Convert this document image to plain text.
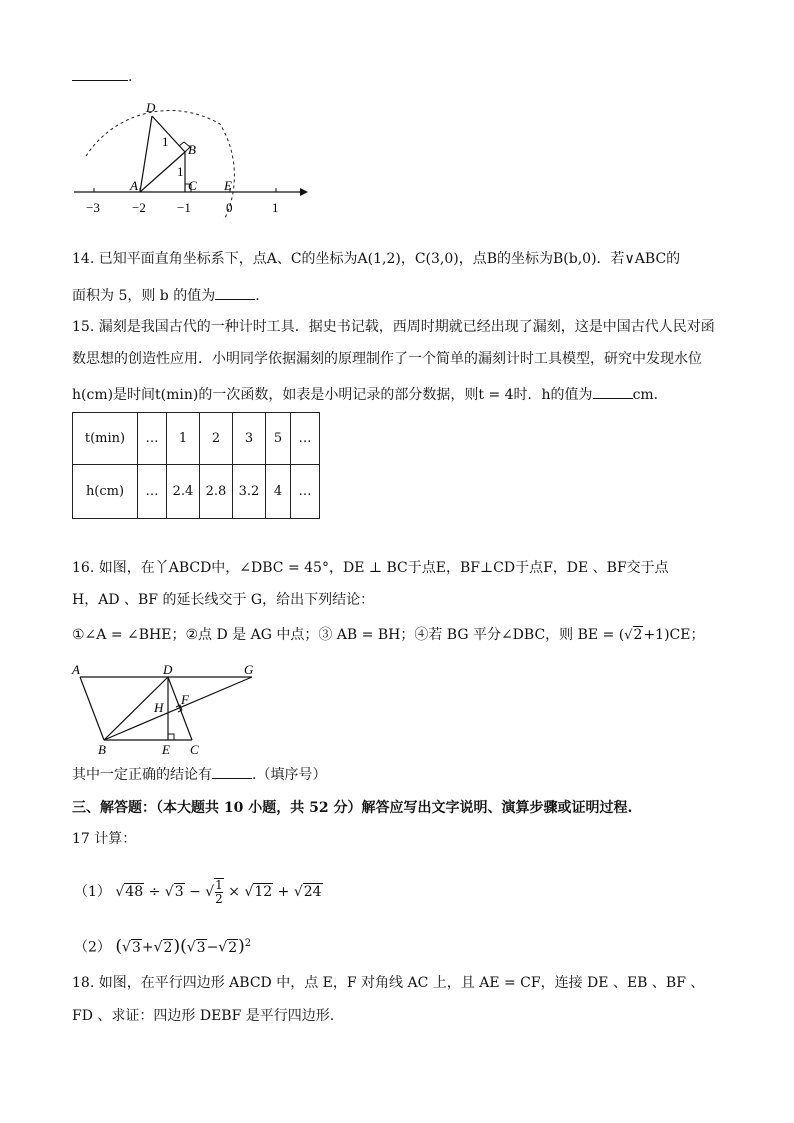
.
D
B
A	C E
1
1
−3 −2 −1	0	1
14. 已知平面直角坐标系下，点A、C的坐标为A(1,2)，C(3,0)，点B的坐标为B(b,0)．若∨ABC的
面积为 5，则 b 的值为	.
15. 漏刻是我国古代的一种计时工具．据史书记载，西周时期就已经出现了漏刻，这是中国古代人民对函
数思想的创造性应用．小明同学依据漏刻的原理制作了一个简单的漏刻计时工具模型，研究中发现水位
h(cm)是时间t(min)的一次函数，如表是小明记录的部分数据，则t = 4时．h的值为	cm．
t(min)	…	1	2	3	5	…
h(cm)	…	2.4	2.8	3.2	4	…
16. 如图，在丫ABCD中，∠DBC = 45°，DE ⊥ BC于点E，BF⊥CD于点F，DE 、BF交于点
H，AD 、BF 的延长线交于 G，给出下列结论：
①∠A = ∠BHE；②点 D 是 AG 中点；③ AB = BH；④若 BG 平分∠DBC，则 BE = (√2+1)CE；
A	D	G
F
H
B	E C
其中一定正确的结论有	.（填序号）
三、解答题：（本大题共 10 小题，共 52 分）解答应写出文字说明、演算步骤或证明过程.
17 计算：
（1） √48 ÷ √3 − √ $\frac{1}{2} \times √12 + √24$
（2） $(√3+√2)(√3-√2)^2$
18. 如图，在平行四边形 ABCD 中，点 E，F 对角线 AC 上，且 AE = CF，连接 DE 、EB 、BF 、
FD 、求证：四边形 DEBF 是平行四边形.
